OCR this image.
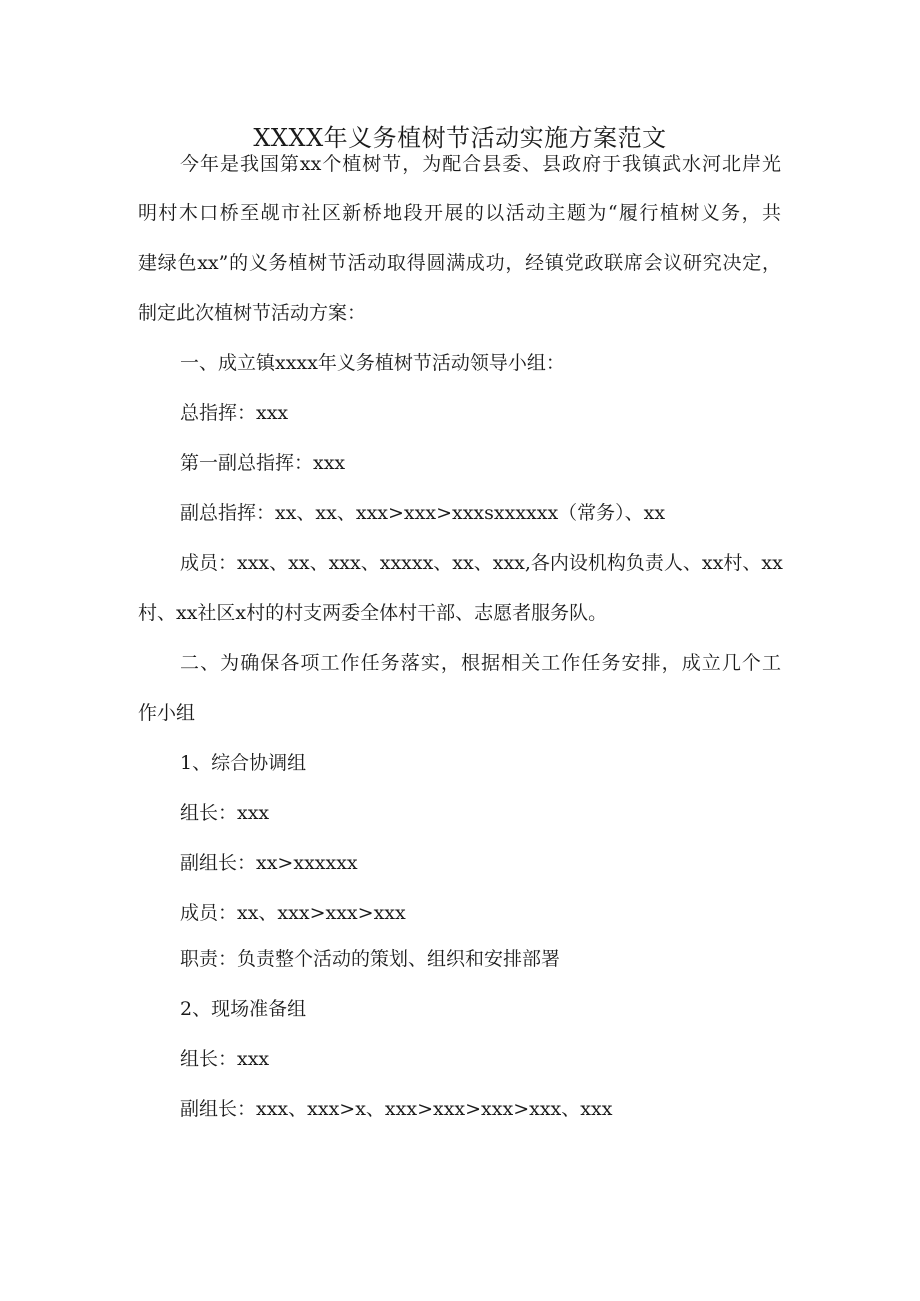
XXXX年义务植树节活动实施方案范文
今年是我国第xx个植树节，为配合县委、县政府于我镇武水河北岸光
明村木口桥至觇市社区新桥地段开展的以活动主题为“履行植树义务，共
建绿色xx”的义务植树节活动取得圆满成功，经镇党政联席会议研究决定，
制定此次植树节活动方案：
一、成立镇xxxx年义务植树节活动领导小组：
总指挥：xxx
第一副总指挥：xxx
副总指挥：xx、xx、xxx>xxx>xxxsxxxxxx（常务）、xx
成员：xxx、xx、xxx、xxxxx、xx、xxx,各内设机构负责人、xx村、xx
村、xx社区x村的村支两委全体村干部、志愿者服务队。
二、为确保各项工作任务落实，根据相关工作任务安排，成立几个工
作小组
1、综合协调组
组长：xxx
副组长：xx>xxxxxx
成员：xx、xxx>xxx>xxx
职责：负责整个活动的策划、组织和安排部署
2、现场准备组
组长：xxx
副组长：xxx、xxx>x、xxx>xxx>xxx>xxx、xxx
